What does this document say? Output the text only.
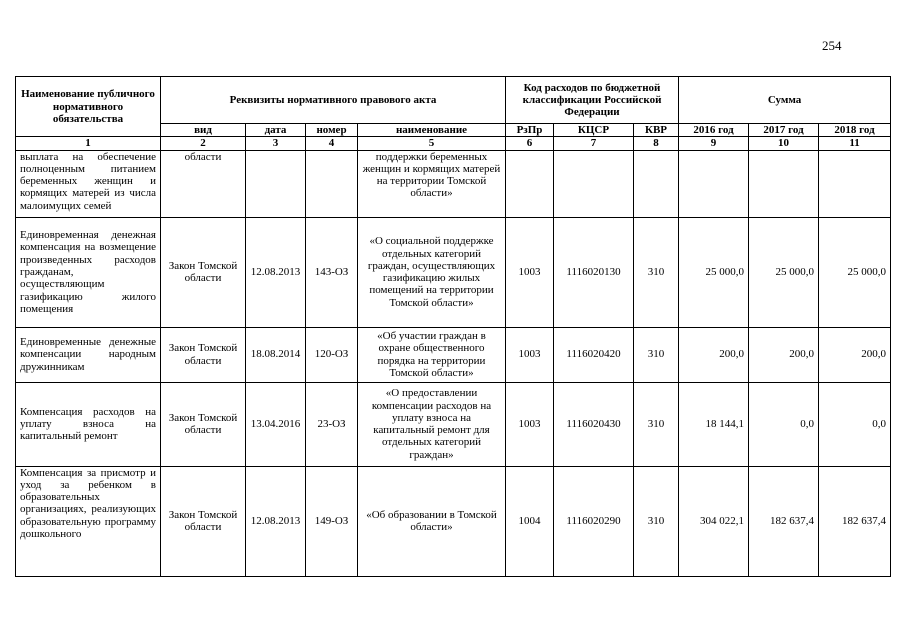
254
Наименование публичного нормативного обязательства	Реквизиты нормативного правового акта				Код расходов по бюджетной классификации Российской Федерации			Сумма		
	вид	дата	номер	наименование	РзПр	КЦСР	КВР	2016 год	2017 год	2018 год
1	2	3	4	5	6	7	8	9	10	11
выплата на обеспечение полноценным питанием беременных женщин и кормящих матерей из числа малоимущих семей	области			поддержки беременных женщин и кормящих матерей на территории Томской области»						
Единовременная денежная компенсация на возмещение произведенных расходов гражданам, осуществляющим газификацию жилого помещения	Закон Томской области	12.08.2013	143-ОЗ	«О социальной поддержке отдельных категорий граждан, осуществляющих газификацию жилых помещений на территории Томской области»	1003	1116020130	310	25 000,0	25 000,0	25 000,0
Единовременные денежные компенсации народным дружинникам	Закон Томской области	18.08.2014	120-ОЗ	«Об участии граждан в охране общественного порядка на территории Томской области»	1003	1116020420	310	200,0	200,0	200,0
Компенсация расходов на уплату взноса на капитальный ремонт	Закон Томской области	13.04.2016	23-ОЗ	«О предоставлении компенсации расходов на уплату взноса на капитальный ремонт для отдельных категорий граждан»	1003	1116020430	310	18 144,1	0,0	0,0
Компенсация за присмотр и уход за ребенком в образовательных организациях, реализующих образовательную программу дошкольного	Закон Томской области	12.08.2013	149-ОЗ	«Об образовании в Томской области»	1004	1116020290	310	304 022,1	182 637,4	182 637,4
